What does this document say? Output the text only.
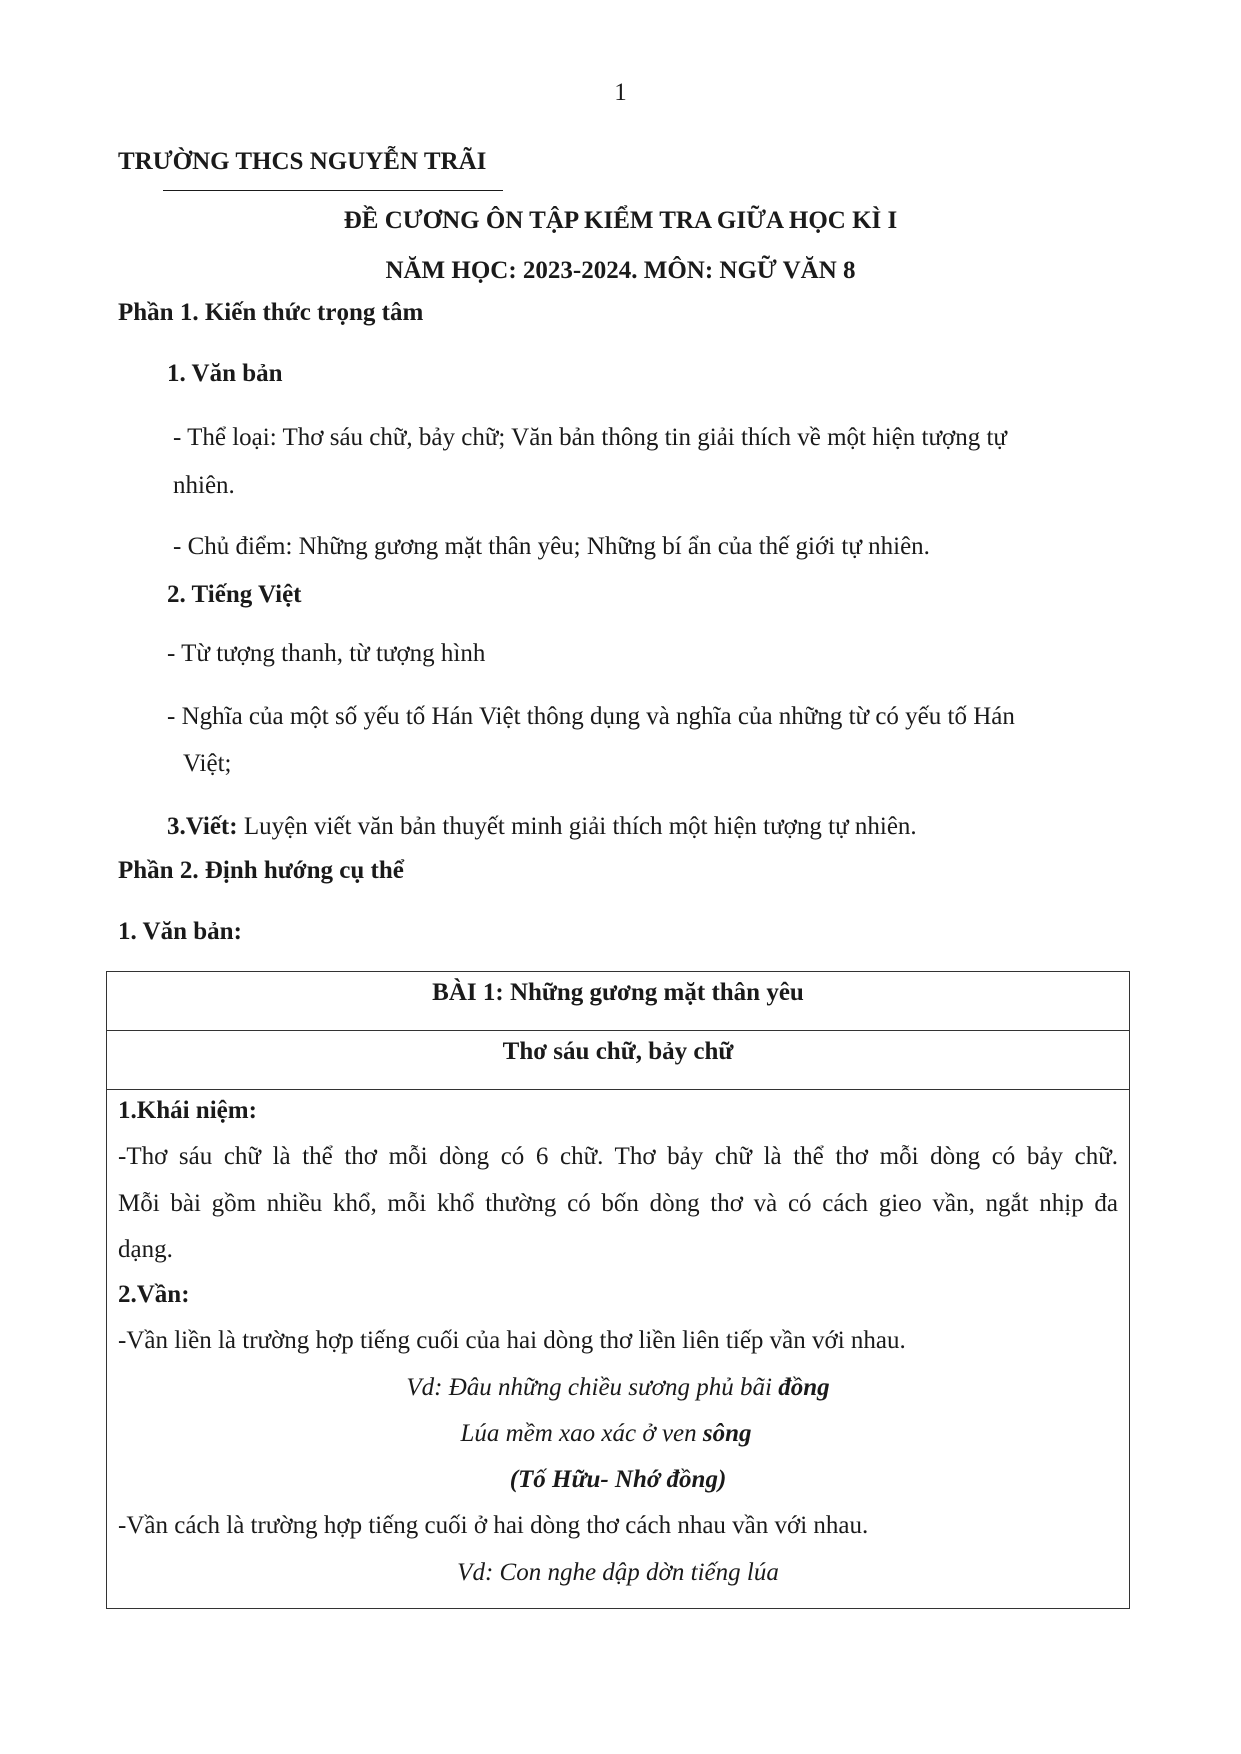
1
TRƯỜNG THCS NGUYỄN TRÃI
ĐỀ CƯƠNG ÔN TẬP KIỂM TRA GIỮA HỌC KÌ I
NĂM HỌC: 2023-2024. MÔN: NGỮ VĂN 8
Phần 1. Kiến thức trọng tâm
1. Văn bản
- Thể loại: Thơ sáu chữ, bảy chữ; Văn bản thông tin giải thích về một hiện tượng tự
nhiên.
- Chủ điểm: Những gương mặt thân yêu; Những bí ẩn của thế giới tự nhiên.
2. Tiếng Việt
- Từ tượng thanh, từ tượng hình
- Nghĩa của một số yếu tố Hán Việt thông dụng và nghĩa của những từ có yếu tố Hán
Việt;
3.Viết: Luyện viết văn bản thuyết minh giải thích một hiện tượng tự nhiên.
Phần 2. Định hướng cụ thể
1. Văn bản:
BÀI 1: Những gương mặt thân yêu
Thơ sáu chữ, bảy chữ
1.Khái niệm:
-Thơ sáu chữ là thể thơ mỗi dòng có 6 chữ. Thơ bảy chữ là thể thơ mỗi dòng có bảy chữ.
Mỗi bài gồm nhiều khổ, mỗi khổ thường có bốn dòng thơ và có cách gieo vần, ngắt nhịp đa
dạng.
2.Vần:
-Vần liền là trường hợp tiếng cuối của hai dòng thơ liền liên tiếp vần với nhau.
Vd: Đâu những chiều sương phủ bãi đồng
Lúa mềm xao xác ở ven sông
(Tố Hữu- Nhớ đồng)
-Vần cách là trường hợp tiếng cuối ở hai dòng thơ cách nhau vần với nhau.
Vd: Con nghe dập dờn tiếng lúa
